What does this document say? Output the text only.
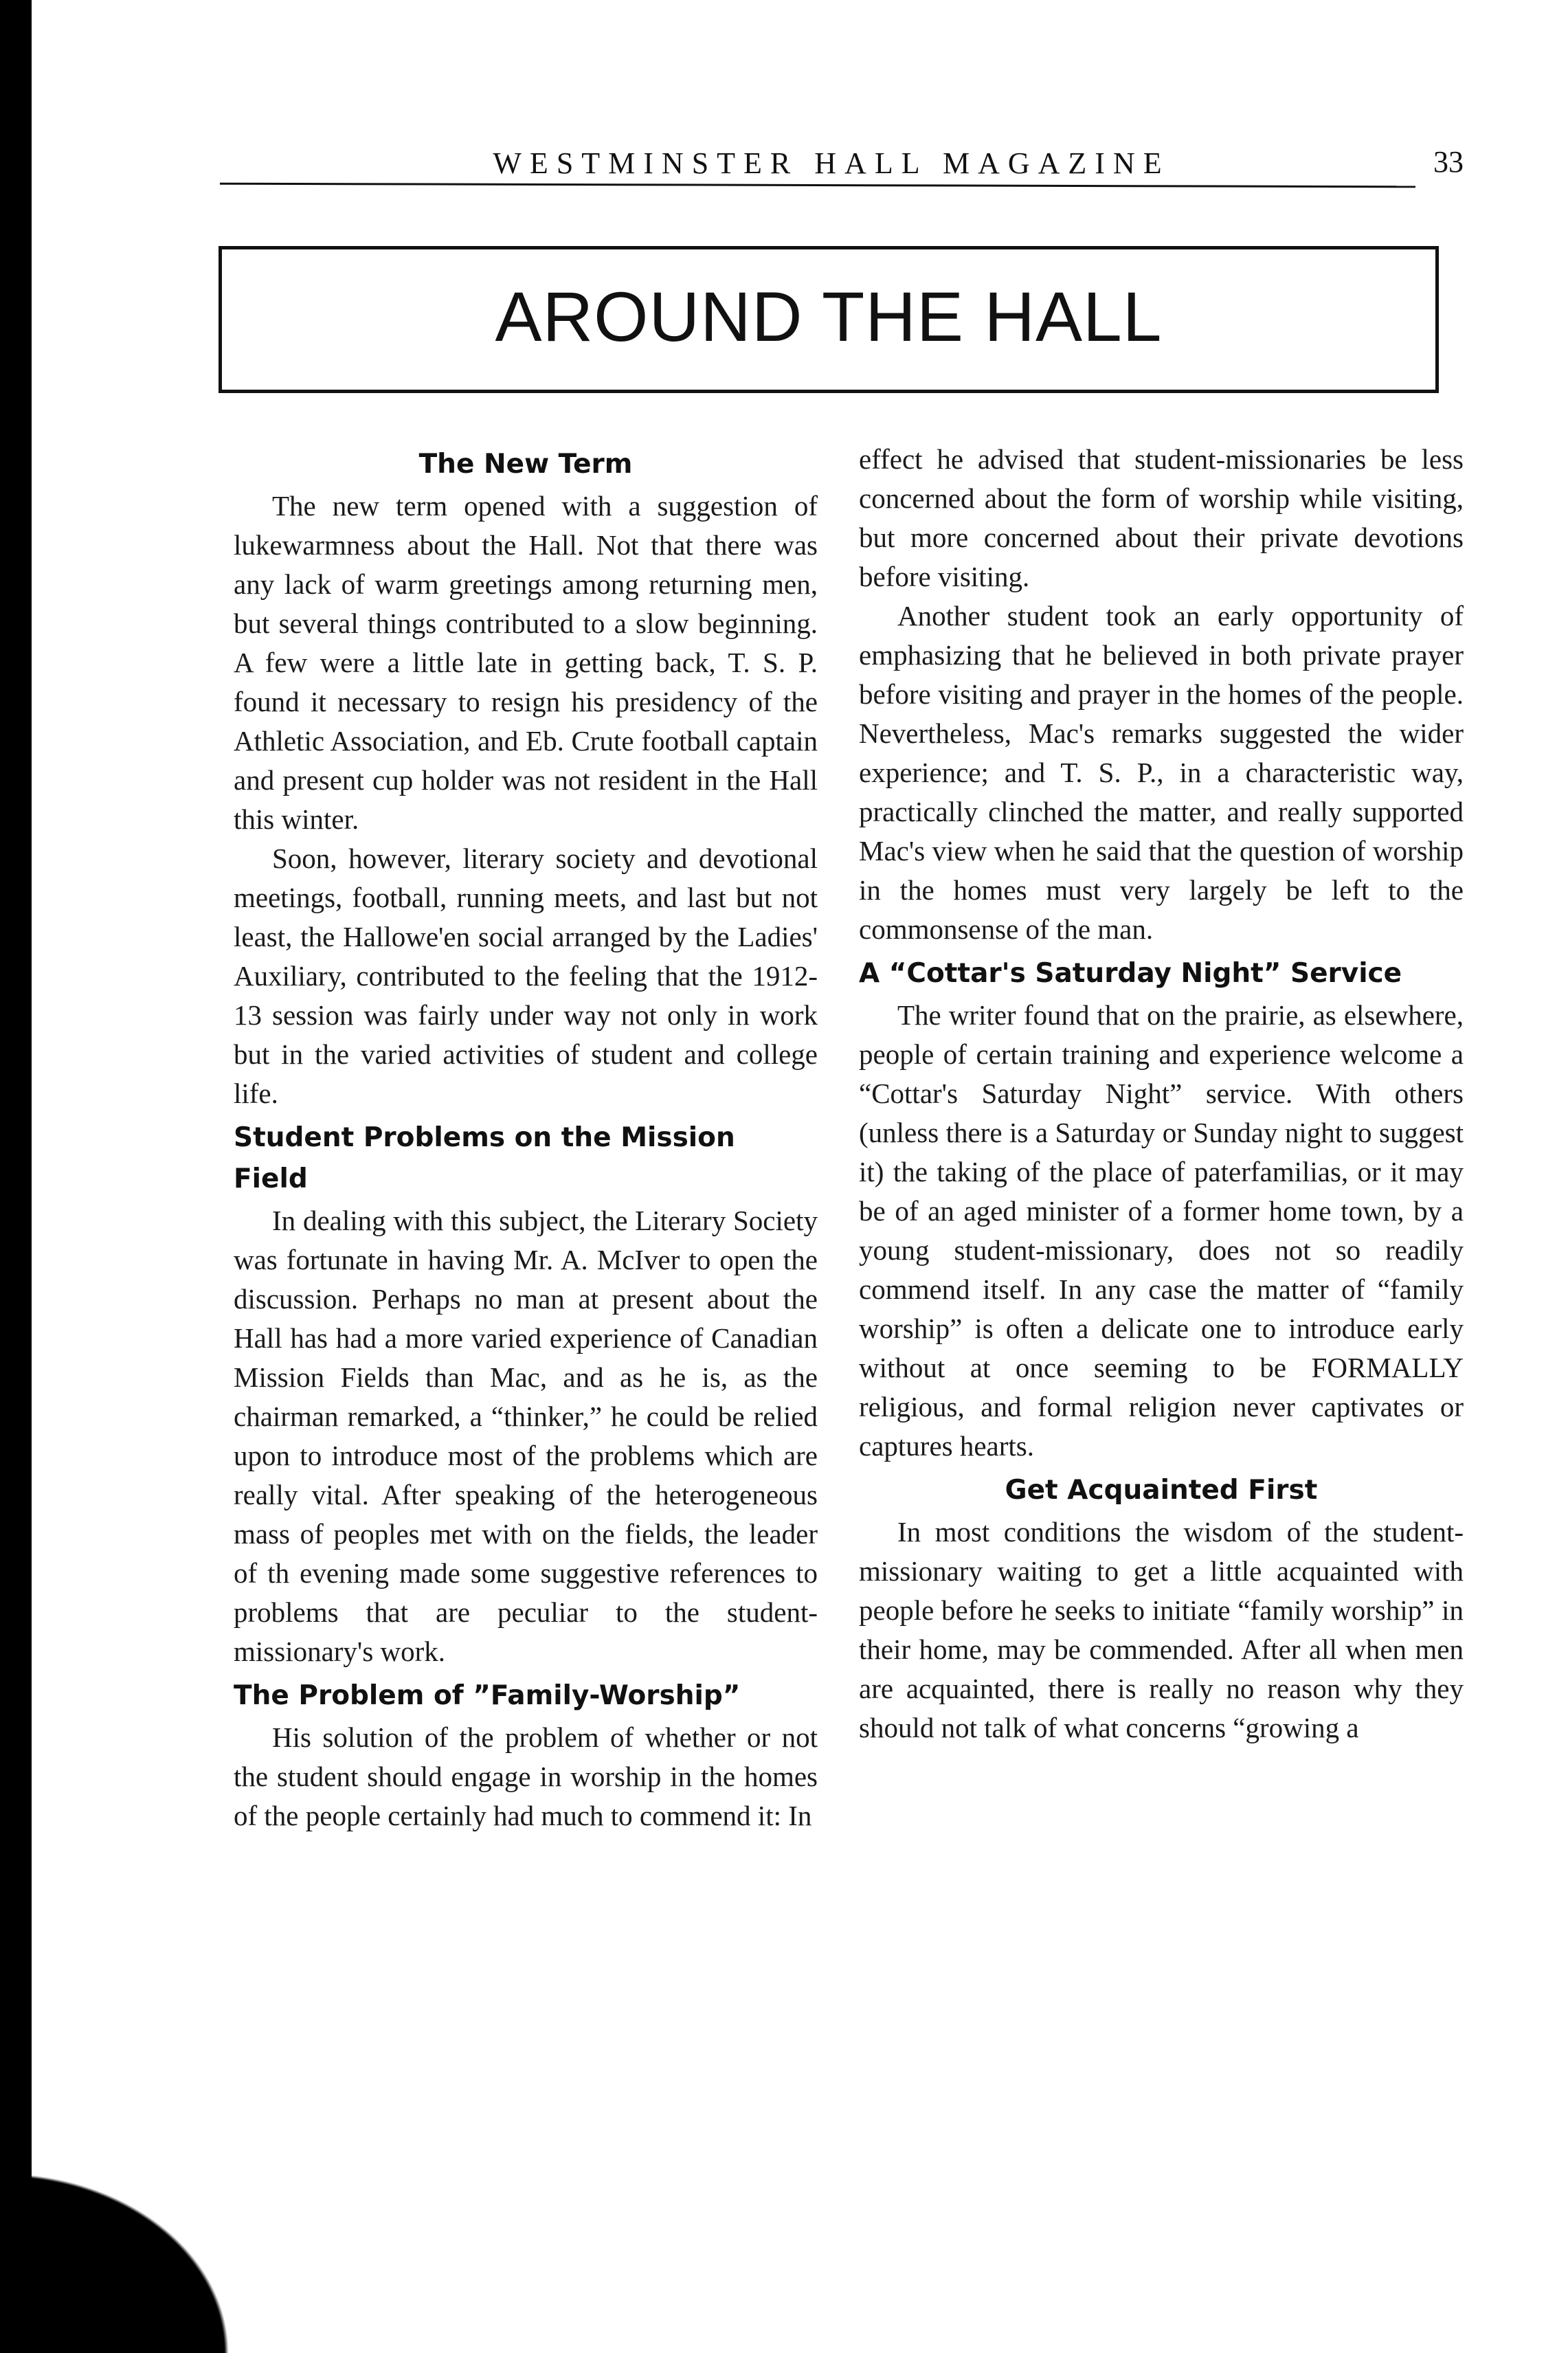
WESTMINSTER HALL MAGAZINE	33
AROUND THE HALL
The New Term

The new term opened with a suggestion of lukewarmness about the Hall. Not that there was any lack of warm greetings among returning men, but several things contributed to a slow beginning. A few were a little late in getting back, T. S. P. found it necessary to resign his presidency of the Athletic Association, and Eb. Crute football captain and present cup holder was not resident in the Hall this winter.

Soon, however, literary society and devotional meetings, football, running meets, and last but not least, the Hallowe'en social arranged by the Ladies' Auxiliary, contributed to the feeling that the 1912-13 session was fairly under way not only in work but in the varied activities of student and college life.

Student Problems on the Mission Field

In dealing with this subject, the Literary Society was fortunate in having Mr. A. McIver to open the discussion. Perhaps no man at present about the Hall has had a more varied experience of Canadian Mission Fields than Mac, and as he is, as the chairman remarked, a “thinker,” he could be relied upon to introduce most of the problems which are really vital. After speaking of the heterogeneous mass of peoples met with on the fields, the leader of th evening made some suggestive references to problems that are peculiar to the student-missionary's work.

The Problem of ”Family-Worship”

His solution of the problem of whether or not the student should engage in worship in the homes of the people certainly had much to commend it: In

effect he advised that student-missionaries be less concerned about the form of worship while visiting, but more concerned about their private devotions before visiting.

Another student took an early opportunity of emphasizing that he believed in both private prayer before visiting and prayer in the homes of the people. Nevertheless, Mac's remarks suggested the wider experience; and T. S. P., in a characteristic way, practically clinched the matter, and really supported Mac's view when he said that the question of worship in the homes must very largely be left to the commonsense of the man.

A “Cottar's Saturday Night” Service

The writer found that on the prairie, as elsewhere, people of certain training and experience welcome a “Cottar's Saturday Night” service. With others (unless there is a Saturday or Sunday night to suggest it) the taking of the place of paterfamilias, or it may be of an aged minister of a former home town, by a young student-missionary, does not so readily commend itself. In any case the matter of “family worship” is often a delicate one to introduce early without at once seeming to be FORMALLY religious, and formal religion never captivates or captures hearts.

Get Acquainted First

In most conditions the wisdom of the student-missionary waiting to get a little acquainted with people before he seeks to initiate “family worship” in their home, may be commended. After all when men are acquainted, there is really no reason why they should not talk of what concerns “growing a
